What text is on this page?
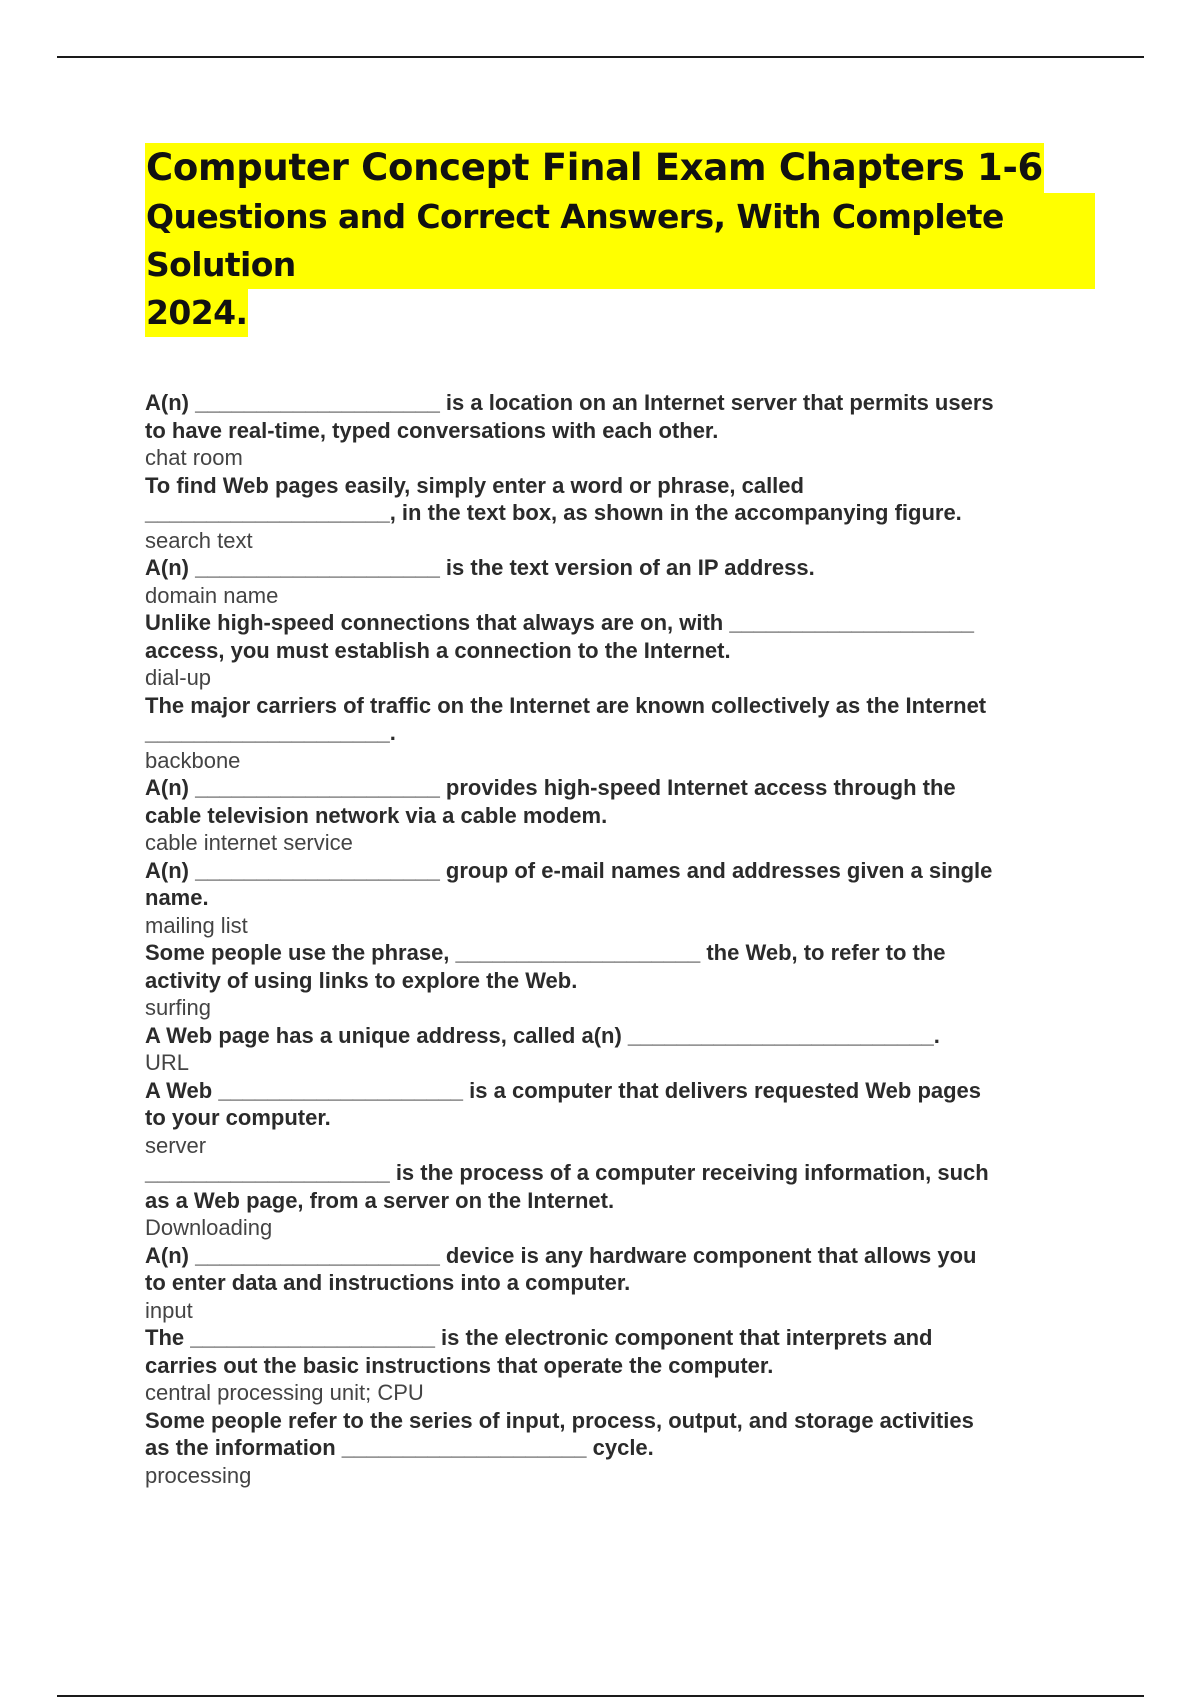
Computer Concept Final Exam Chapters 1-6
Questions and Correct Answers, With Complete Solution
2024.
A(n) ____________________ is a location on an Internet server that permits users
to have real-time, typed conversations with each other.
chat room
To find Web pages easily, simply enter a word or phrase, called
____________________, in the text box, as shown in the accompanying figure.
search text
A(n) ____________________ is the text version of an IP address.
domain name
Unlike high-speed connections that always are on, with ____________________
access, you must establish a connection to the Internet.
dial-up
The major carriers of traffic on the Internet are known collectively as the Internet
____________________.
backbone
A(n) ____________________ provides high-speed Internet access through the
cable television network via a cable modem.
cable internet service
A(n) ____________________ group of e-mail names and addresses given a single
name.
mailing list
Some people use the phrase, ____________________ the Web, to refer to the
activity of using links to explore the Web.
surfing
A Web page has a unique address, called a(n) _________________________.
URL
A Web ____________________ is a computer that delivers requested Web pages
to your computer.
server
____________________ is the process of a computer receiving information, such
as a Web page, from a server on the Internet.
Downloading
A(n) ____________________ device is any hardware component that allows you
to enter data and instructions into a computer.
input
The ____________________ is the electronic component that interprets and
carries out the basic instructions that operate the computer.
central processing unit; CPU
Some people refer to the series of input, process, output, and storage activities
as the information ____________________ cycle.
processing
